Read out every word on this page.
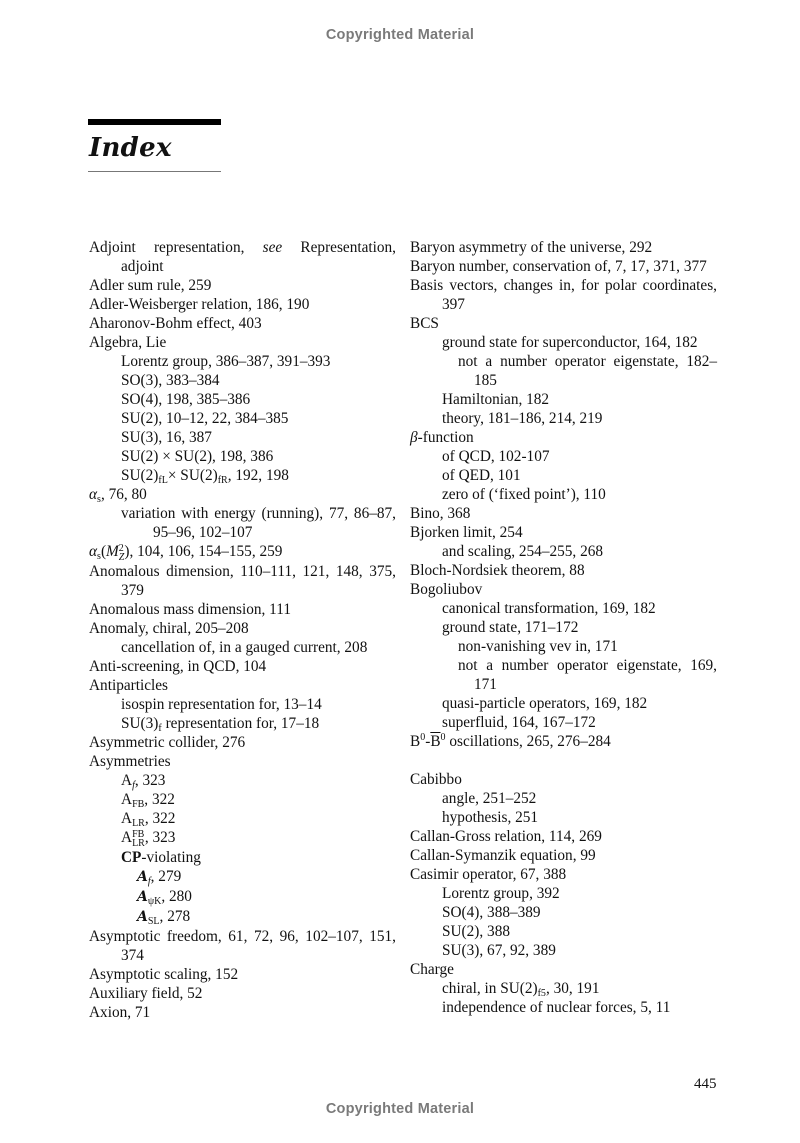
Copyrighted Material
Index
Adjoint representation, see Representation, adjoint
Adler sum rule, 259
Adler-Weisberger relation, 186, 190
Aharonov-Bohm effect, 403
Algebra, Lie
Lorentz group, 386–387, 391–393
SO(3), 383–384
SO(4), 198, 385–386
SU(2), 10–12, 22, 384–385
SU(3), 16, 387
SU(2) × SU(2), 198, 386
SU(2)fL× SU(2)fR, 192, 198
αs, 76, 80
variation with energy (running), 77, 86–87, 95–96, 102–107
αs(M 2
Z ), 104, 106, 154–155, 259
Anomalous dimension, 110–111, 121, 148, 375, 379
Anomalous mass dimension, 111
Anomaly, chiral, 205–208
cancellation of, in a gauged current, 208
Anti-screening, in QCD, 104
Antiparticles
isospin representation for, 13–14
SU(3)f representation for, 17–18
Asymmetric collider, 276
Asymmetries
Af, 323
AFB, 322
ALR, 322
A FB
LR , 323
CP-violating
Af, 279
AψK, 280
ASL, 278
Asymptotic freedom, 61, 72, 96, 102–107, 151, 374
Asymptotic scaling, 152
Auxiliary field, 52
Axion, 71
Baryon asymmetry of the universe, 292
Baryon number, conservation of, 7, 17, 371, 377
Basis vectors, changes in, for polar coordinates, 397
BCS
ground state for superconductor, 164, 182
not a number operator eigenstate, 182–185
Hamiltonian, 182
theory, 181–186, 214, 219
β-function
of QCD, 102-107
of QED, 101
zero of (‘fixed point’), 110
Bino, 368
Bjorken limit, 254
and scaling, 254–255, 268
Bloch-Nordsiek theorem, 88
Bogoliubov
canonical transformation, 169, 182
ground state, 171–172
non-vanishing vev in, 171
not a number operator eigenstate, 169, 171
quasi-particle operators, 169, 182
superfluid, 164, 167–172
$B^0-\overline{B}^0$ oscillations, 265, 276–284
Cabibbo
angle, 251–252
hypothesis, 251
Callan-Gross relation, 114, 269
Callan-Symanzik equation, 99
Casimir operator, 67, 388
Lorentz group, 392
SO(4), 388–389
SU(2), 388
SU(3), 67, 92, 389
Charge
chiral, in SU(2)f5, 30, 191
independence of nuclear forces, 5, 11
445
Copyrighted Material
